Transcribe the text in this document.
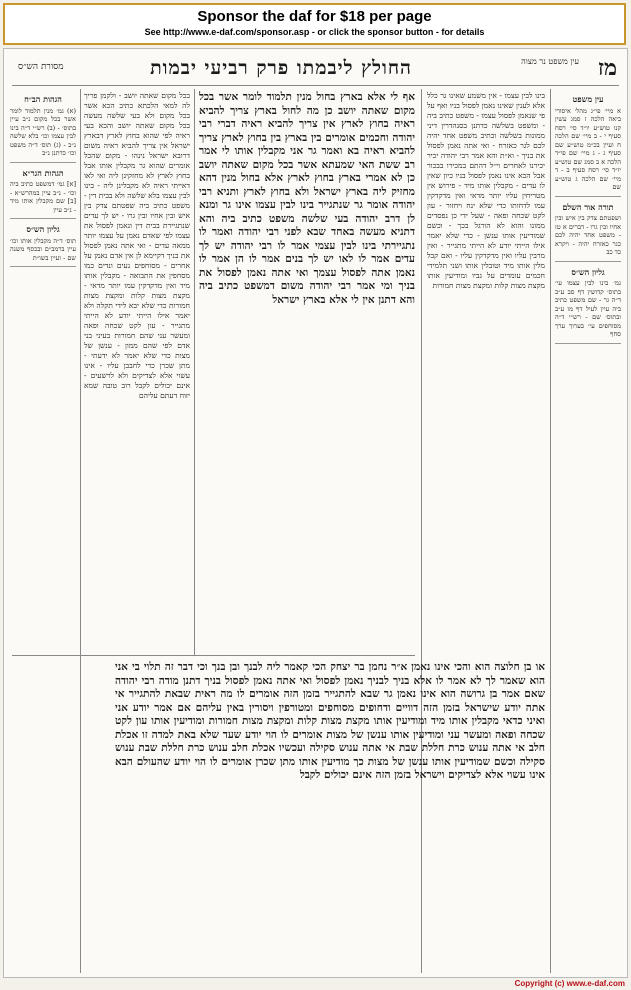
Sponsor the daf for $18 per page
See http://www.e-daf.com/sponsor.asp - or click the sponsor button - for details
מז
עין משפט נר מצוה
החולץ ליבמתו פרק רביעי יבמות
מסורת הש״ס
עין משפט
א מיי׳ פי״ג מהל׳ איסורי ביאה הלכה ז סמג עשין קנו טוש״ע יו״ד סי׳ רסח סעיף י - ב מיי׳ שם הלכה ח ועיין בכ״מ טוש״ע שם סעיף ג - ג מיי׳ שם פי״ד הלכה א ב סמג שם טוש״ע יו״ד סי׳ רסח סעיף ב - ד מיי׳ שם הלכה ג טוש״ע שם
תורה אור השלם
ושפטתם צדק בין איש ובין אחיו ובין גרו - דברים א טז - משפט אחד יהיה לכם כגר כאזרח יהיה - ויקרא כד כב
גליון הש״ס
גמ׳ בינו לבין עצמו עי׳ בתוס׳ קדושין דף סב ע״ב ד״ה גר - שם משפט כתיב ביה עיין לעיל דף מו ע״ב ובתוס׳ שם - רש״י ד״ה מסוחפים עי׳ בערוך ערך סחף
בינו לבין עצמו - אין משמע שאינו גר כלל אלא לענין שאינו נאמן לפסול בניו ואף על פי שנאמן לפסול עצמו - משפט כתיב ביה - ומשפט בשלשה כדתנן בסנהדרין דיני ממונות בשלשה וכתיב משפט אחד יהיה לכם לגר כאזרח - ואי אתה נאמן לפסול את בניך - וא״ת והא אמר רבי יהודה יכיר יכירנו לאחרים וי״ל דהתם במכירו בבכור אבל הכא אינו נאמן לפסול בניו כיון שאין לו עדים - מקבלין אותו מיד - פירוש אין מטריחין עליו יותר מדאי ואין מדקדקין עמו לדחותו כדי שלא ינח ויחזור - עון לקט שכחה ופאה - שעל ידי כן נפסדים ממונו והוא לא הורגל בכך - וכשם שמודיעין אותו ענשן - כדי שלא יאמר אילו הייתי יודע לא הייתי מתגייר - ואין מרבין עליו ואין מדקדקין עליו - ואם קבל מלין אותו מיד וטובלין אותו ושני תלמידי חכמים עומדים על גביו ומודיעין אותו מקצת מצות קלות ומקצת מצות חמורות
אף לי אלא בארץ בחול מנין תלמוד לומר אשר בכל מקום שאתה יושב כן מה לחול בארץ צריך להביא ראיה בחוץ לארץ אין צריך להביא ראיה דברי רבי יהודה וחכמים אומרים בין בארץ בין בחוץ לארץ צריך להביא ראיה בא ואמר גר אני מקבלין אותו לי אמר רב ששת האי שמעתא אשר בכל מקום שאתה יושב כן לא אמרי בארץ בחוץ לארץ אלא בחול מנין דהא מחזיק ליה בארץ ישראל ולא בחוץ לארץ ותניא רבי יהודה אומר גר שנתגייר בינו לבין עצמו אינו גר ומנא לן דרב יהודה בעי שלשה משפט כתיב ביה והא דתניא מעשה באחד שבא לפני רבי יהודה ואמר לו נתגיירתי בינו לבין עצמי אמר לו רבי יהודה יש לך עדים אמר לו לאו יש לך בנים אמר לו הן אמר לו נאמן אתה לפסול עצמך ואי אתה נאמן לפסול את בניך ומי אמר רבי יהודה משום דמשפט כתיב ביה והא דתנן אין לי אלא בארץ ישראל
או בן חלוצה הוא והכי אינו נאמן א״ר נחמן בר יצחק הכי קאמר ליה לבנך ובן בנך וכי דבר זה תלוי בי אני הוא שאמר לך לא אמר לו אלא בניך לבניך נאמן לפסול ואי אתה נאמן לפסול בניך דתנן מודה רבי יהודה שאם אמר בן גרושה הוא אינו נאמן גר שבא להתגייר בזמן הזה אומרים לו מה ראית שבאת להתגייר אי אתה יודע שישראל בזמן הזה דוויים ודחופים מסוחפים ומטורפין ויסורין באין עליהם אם אמר יודע אני ואיני כדאי מקבלין אותו מיד ומודיעין אותו מקצת מצות קלות ומקצת מצות חמורות ומודיעין אותו עון לקט שכחה ופאה ומעשר עני ומודיעין אותו ענשן של מצות אומרים לו הוי יודע שעד שלא באת למדה זו אכלת חלב אי אתה ענוש כרת חללת שבת אי אתה ענוש סקילה ועכשיו אכלת חלב ענוש כרת חללת שבת ענוש סקילה וכשם שמודיעין אותו ענשן של מצות כך מודיעין אותו מתן שכרן אומרים לו הוי יודע שהעולם הבא אינו עשוי אלא לצדיקים וישראל בזמן הזה אינם יכולים לקבל
בכל מקום שאתה יושב - ולקמן פריך לה למאי הלכתא כתיב הכא אשר בכל מקום ולא בעי שלשה מעשה בכל מקום שאתה יושב והכא בעי ראיה לפי שהוא בחוץ לארץ דבארץ ישראל אין צריך להביא ראיה משום דרובא ישראל נינהו - מקום שהכל אומרים שהוא גר מקבלין אותו אבל בחוץ לארץ לא מחזקינן ליה ואי לאו דאייתי ראיה לא מקבלינן ליה - בינו לבין עצמו בלא שלשה ולא בבית דין - משפט כתיב ביה שפטתם צדק בין איש ובין אחיו ובין גרו - יש לך עדים שנתגיירת בבית דין ונאמן לפסול את עצמו לפי שאדם נאמן על עצמו יותר ממאה עדים - ואי אתה נאמן לפסול את בניך דקיימא לן אין אדם נאמן על אחרים - מסוחפים נעים ונדים כמו מסחפין את התבואה - מקבלין אותו מיד ואין מדקדקין עמו יותר מדאי - מקצת מצות קלות ומקצת מצות חמורות כדי שלא יבא לידי תקלה ולא יאמר אילו הייתי יודע לא הייתי מתגייר - עון לקט שכחה ופאה ומעשר עני שהם חמורות בעיני בני אדם לפי שהם ממון - ענשן של מצות כדי שלא יאמר לא ידעתי - מתן שכרן כדי לחבבן עליו - אינו עשוי אלא לצדיקים ולא לרשעים - אינם יכולים לקבל רוב טובה שמא יזוח דעתם עליהם
הגהות הב״ח
(א) גמ׳ מנין תלמוד לומר אשר בכל מקום נ״ב עיין בתוס׳ - (ב) רש״י ד״ה בינו לבין עצמו וכו׳ בלא שלשה נ״ב - (ג) תוס׳ ד״ה משפט וכו׳ כדתנן נ״ב
הגהות הגר״א
[א] גמ׳ דמשפט כתיב ביה וכו׳ - נ״ב עיין במהרש״א - [ב] שם מקבלין אותו מיד - נ״ב עיין
גליון הש״ס
תוס׳ ד״ה מקבלין אותו וכו׳ עיין ברמב״ם ובכסף משנה שם - ועיין בשו״ת
Copyright (c) www.e-daf.com
